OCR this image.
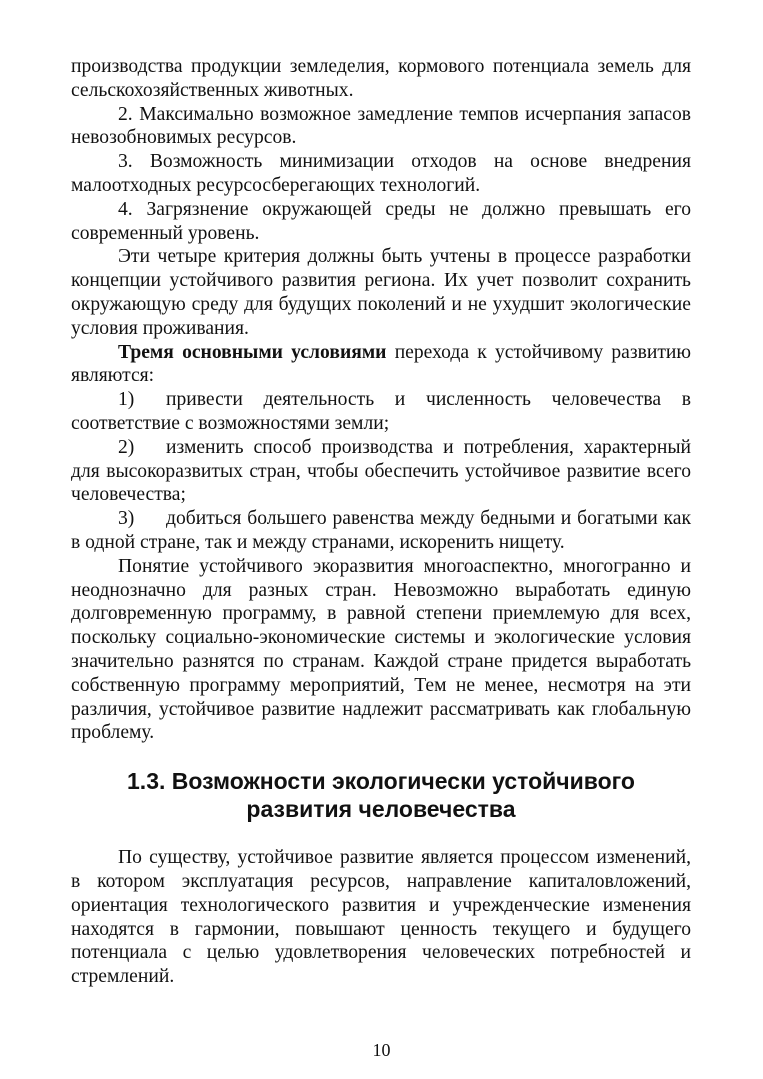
производства продукции земледелия, кормового потенциала земель для сельскохозяйственных животных.

2. Максимально возможное замедление темпов исчерпания запасов невозобновимых ресурсов.

3. Возможность минимизации отходов на основе внедрения малоотходных ресурсосберегающих технологий.

4. Загрязнение окружающей среды не должно превышать его современный уровень.

Эти четыре критерия должны быть учтены в процессе разработки концепции устойчивого развития региона. Их учет позволит сохранить окружающую среду для будущих поколений и не ухудшит экологические условия проживания.

Тремя основными условиями перехода к устойчивому развитию являются:

1) привести деятельность и численность человечества в соответствие с возможностями земли;

2) изменить способ производства и потребления, характерный для высокоразвитых стран, чтобы обеспечить устойчивое развитие всего человечества;

3) добиться большего равенства между бедными и богатыми как в одной стране, так и между странами, искоренить нищету.

Понятие устойчивого экоразвития многоаспектно, многогранно и неоднозначно для разных стран. Невозможно выработать единую долговременную программу, в равной степени приемлемую для всех, поскольку социально-экономические системы и экологические условия значительно разнятся по странам. Каждой стране придется выработать собственную программу мероприятий, Тем не менее, несмотря на эти различия, устойчивое развитие надлежит рассматривать как глобальную проблему.

1.3. Возможности экологически устойчивого
развития человечества

По существу, устойчивое развитие является процессом изменений, в котором эксплуатация ресурсов, направление капиталовложений, ориентация технологического развития и учрежденческие изменения находятся в гармонии, повышают ценность текущего и будущего потенциала с целью удовлетворения человеческих потребностей и стремлений.

10
